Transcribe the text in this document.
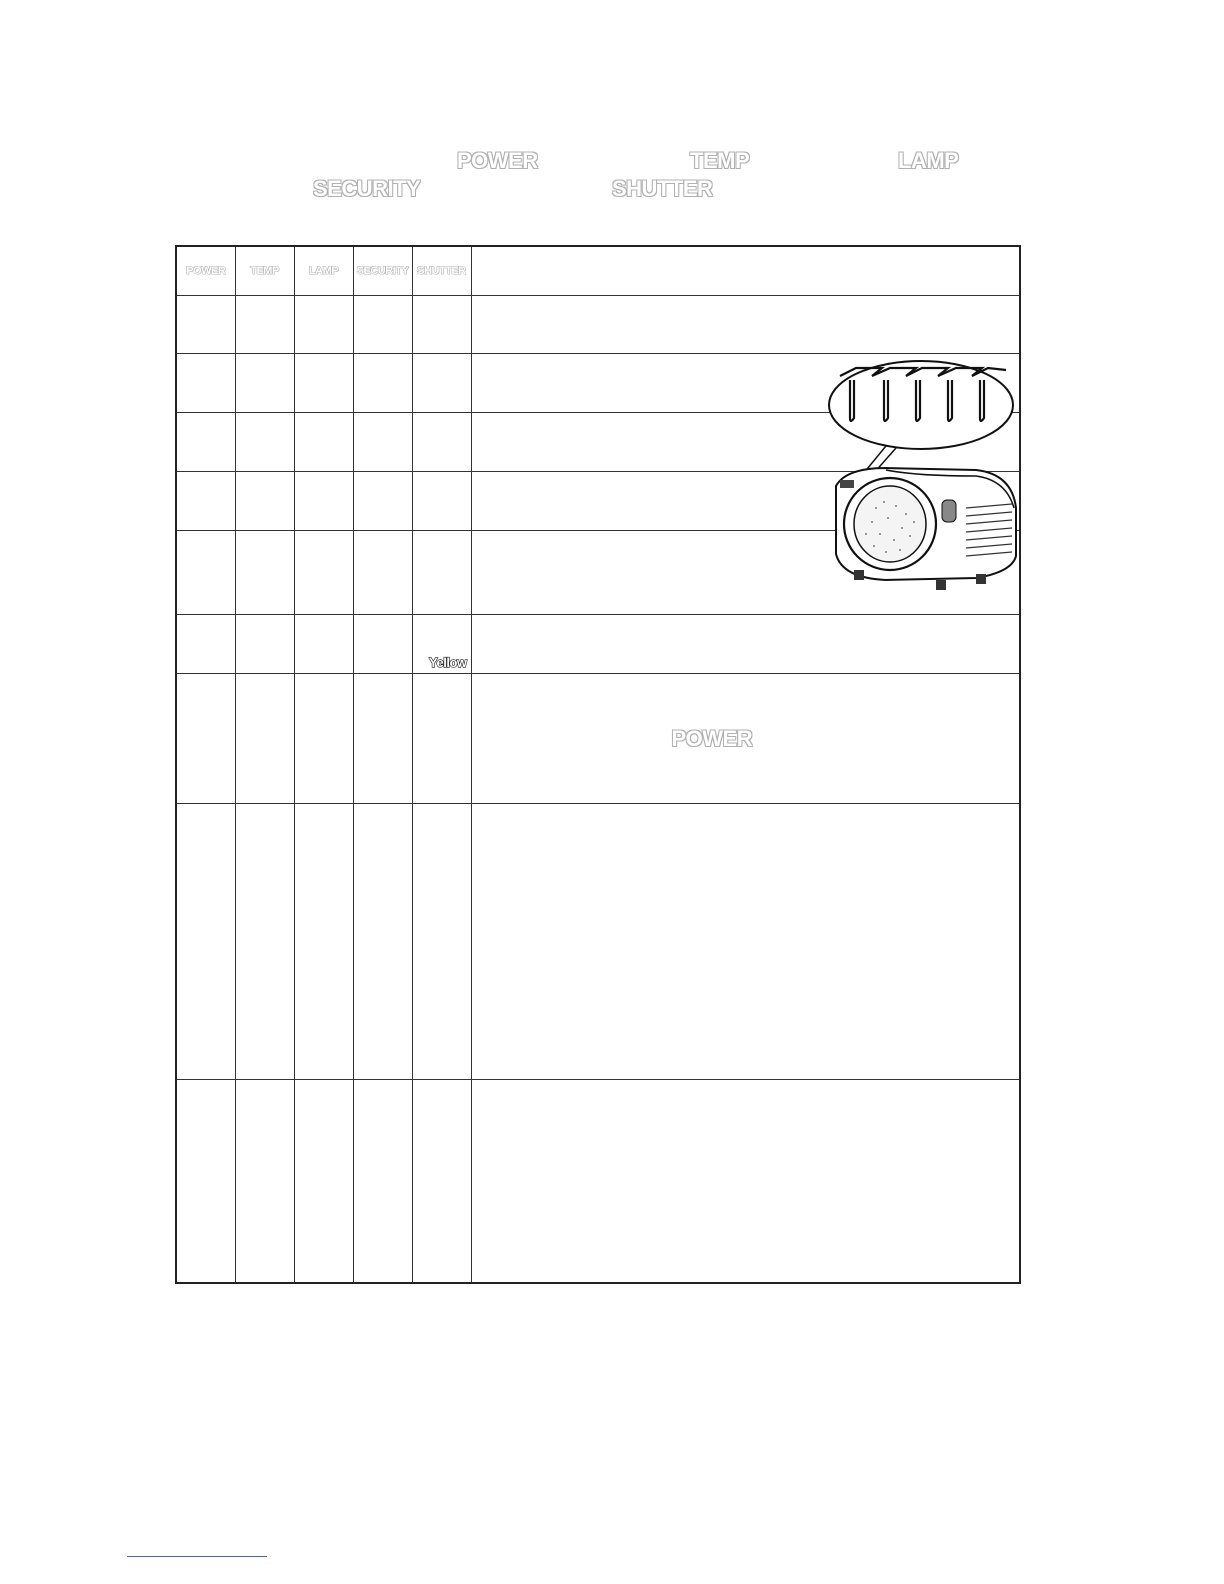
POWER	TEMP	LAMP
SECURITY	SHUTTER
POWER	TEMP	LAMP	SECURITY	SHUTTER	

				Yellow	

					POWER
